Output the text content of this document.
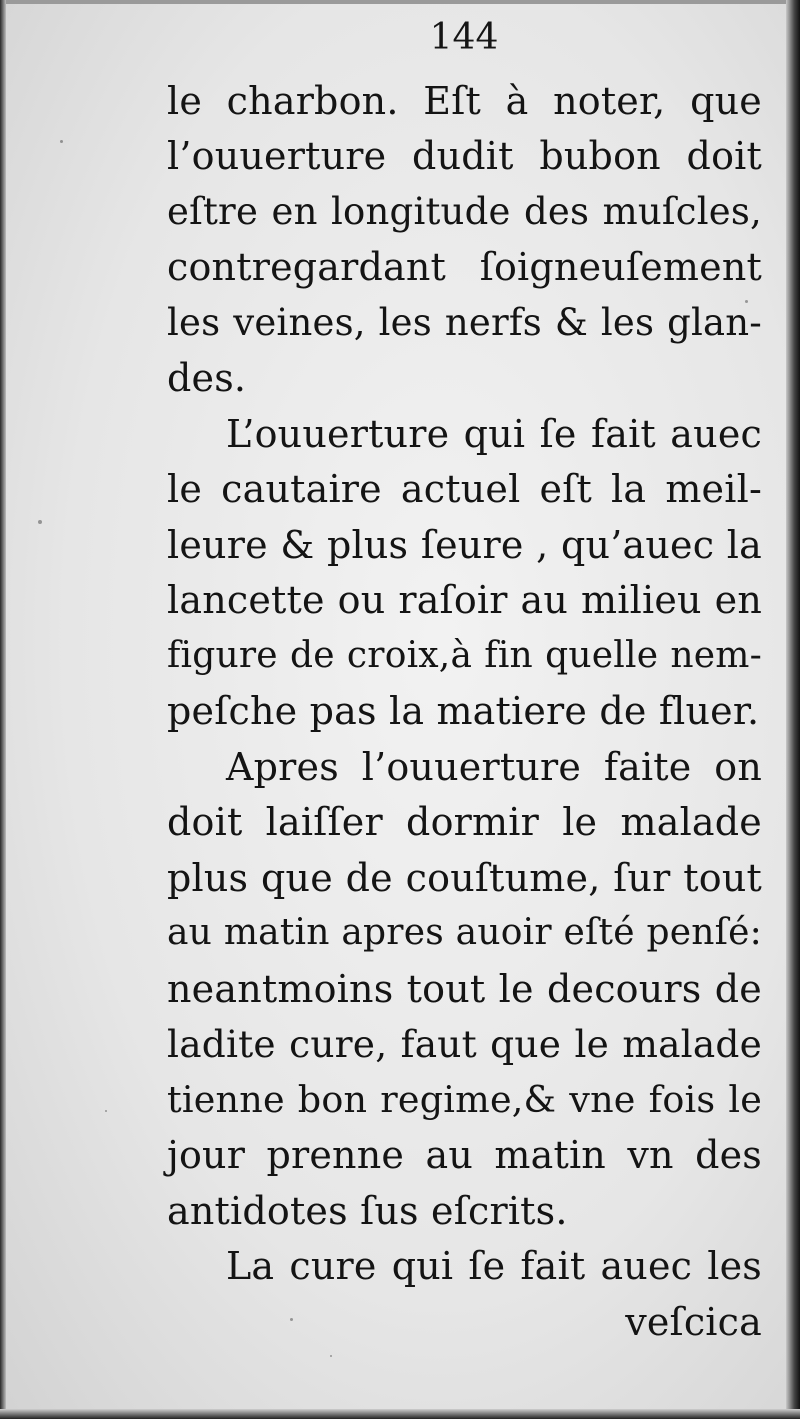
144
le charbon. Eſt à noter, que
l’ouuerture dudit bubon doit
eſtre en longitude des muſcles,
contregardant ſoigneuſement
les veines, les nerfs & les glan-
des.
L’ouuerture qui ſe fait auec
le cautaire actuel eſt la meil-
leure & plus ſeure , qu’auec la
lancette ou raſoir au milieu en
figure de croix,à fin quelle nem-
peſche pas la matiere de fluer.
Apres l’ouuerture faite on
doit laiſſer dormir le malade
plus que de couſtume, ſur tout
au matin apres auoir eſté penſé:
neantmoins tout le decours de
ladite cure, faut que le malade
tienne bon regime,& vne fois le
jour prenne au matin vn des
antidotes ſus eſcrits.
La cure qui ſe fait auec les
veſcica
